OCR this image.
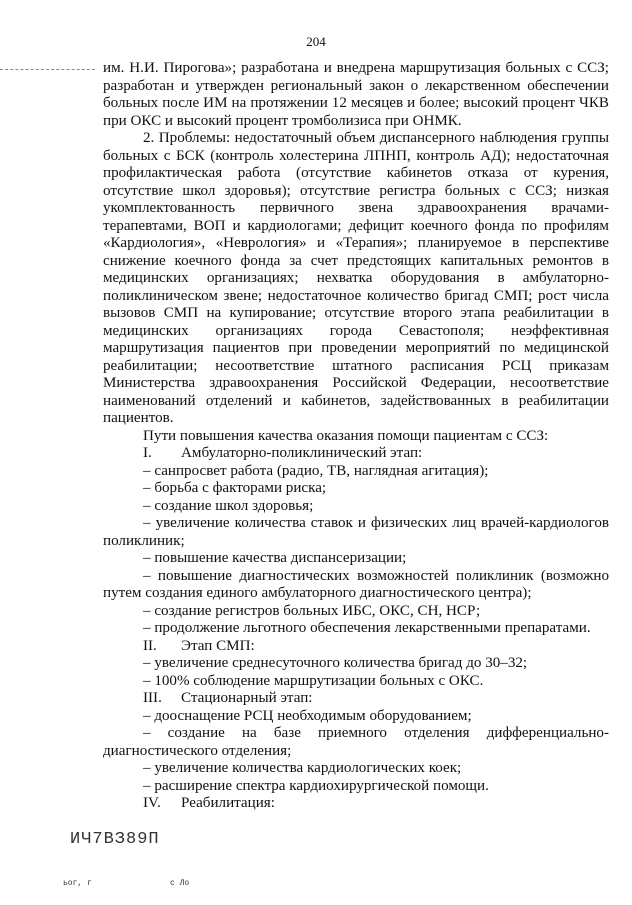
204

им. Н.И. Пирогова»; разработана и внедрена маршрутизация больных с ССЗ; разработан и утвержден региональный закон о лекарственном обеспечении больных после ИМ на протяжении 12 месяцев и более; высокий процент ЧКВ при ОКС и высокий процент тромболизиса при ОНМК.

2. Проблемы: недостаточный объем диспансерного наблюдения группы больных с БСК (контроль холестерина ЛПНП, контроль АД); недостаточная профилактическая работа (отсутствие кабинетов отказа от курения, отсутствие школ здоровья); отсутствие регистра больных с ССЗ; низкая укомплектованность первичного звена здравоохранения врачами-терапевтами, ВОП и кардиологами; дефицит коечного фонда по профилям «Кардиология», «Неврология» и «Терапия»; планируемое в перспективе снижение коечного фонда за счет предстоящих капитальных ремонтов в медицинских организациях; нехватка оборудования в амбулаторно-поликлиническом звене; недостаточное количество бригад СМП; рост числа вызовов СМП на купирование; отсутствие второго этапа реабилитации в медицинских организациях города Севастополя; неэффективная маршрутизация пациентов при проведении мероприятий по медицинской реабилитации; несоответствие штатного расписания РСЦ приказам Министерства здравоохранения Российской Федерации, несоответствие наименований отделений и кабинетов, задействованных в реабилитации пациентов.

Пути повышения качества оказания помощи пациентам с ССЗ:

I. Амбулаторно-поликлинический этап:

– санпросвет работа (радио, ТВ, наглядная агитация);

– борьба с факторами риска;

– создание школ здоровья;

– увеличение количества ставок и физических лиц врачей-кардиологов поликлиник;

– повышение качества диспансеризации;

– повышение диагностических возможностей поликлиник (возможно путем создания единого амбулаторного диагностического центра);

– создание регистров больных ИБС, ОКС, СН, НСР;

– продолжение льготного обеспечения лекарственными препаратами.

II. Этап СМП:

– увеличение среднесуточного количества бригад до 30–32;

– 100% соблюдение маршрутизации больных с ОКС.

III. Стационарный этап:

– дооснащение РСЦ необходимым оборудованием;

– создание на базе приемного отделения дифференциально-диагностического отделения;

– увеличение количества кардиологических коек;

– расширение спектра кардиохирургической помощи.

IV. Реабилитация:

ИЧ7ВЗ89П
ьог, г	с Ло
